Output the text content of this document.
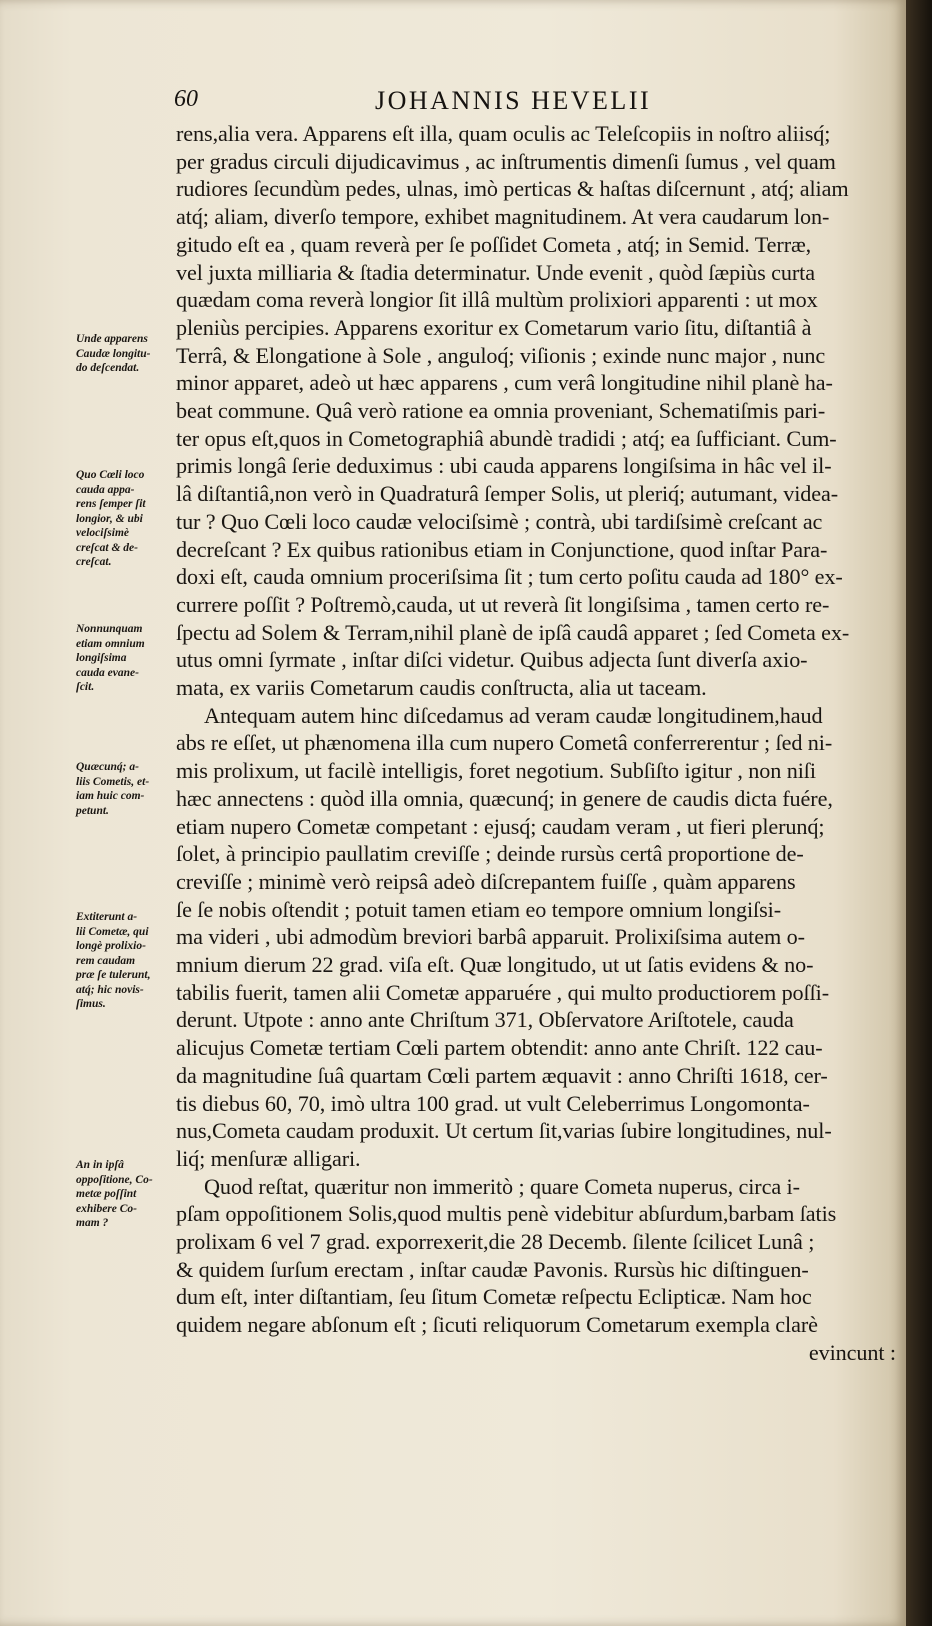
60	JOHANNIS HEVELII
rens,alia vera. Apparens eſt illa, quam oculis ac Teleſcopiis in noſtro aliisq́;
per gradus circuli dijudicavimus , ac inſtrumentis dimenſi ſumus , vel quam
rudiores ſecundùm pedes, ulnas, imò perticas & haſtas diſcernunt , atq́; aliam
atq́; aliam, diverſo tempore, exhibet magnitudinem. At vera caudarum lon-
gitudo eſt ea , quam reverà per ſe poſſidet Cometa , atq́; in Semid. Terræ,
vel juxta milliaria & ſtadia determinatur. Unde evenit , quòd ſæpiùs curta
quædam coma reverà longior ſit illâ multùm prolixiori apparenti : ut mox
pleniùs percipies. Apparens exoritur ex Cometarum vario ſitu, diſtantiâ à
Terrâ, & Elongatione à Sole , anguloq́; viſionis ; exinde nunc major , nunc
minor apparet, adeò ut hæc apparens , cum verâ longitudine nihil planè ha-
beat commune. Quâ verò ratione ea omnia proveniant, Schematiſmis pari-
ter opus eſt,quos in Cometographiâ abundè tradidi ; atq́; ea ſufficiant. Cum-
primis longâ ſerie deduximus : ubi cauda apparens longiſsima in hâc vel il-
lâ diſtantiâ,non verò in Quadraturâ ſemper Solis, ut pleriq́; autumant, videa-
tur ? Quo Cœli loco caudæ velociſsimè ; contrà, ubi tardiſsimè creſcant ac
decreſcant ? Ex quibus rationibus etiam in Conjunctione, quod inſtar Para-
doxi eſt, cauda omnium proceriſsima ſit ; tum certo poſitu cauda ad 180° ex-
currere poſſit ? Poſtremò,cauda, ut ut reverà ſit longiſsima , tamen certo re-
ſpectu ad Solem & Terram,nihil planè de ipſâ caudâ apparet ; ſed Cometa ex-
utus omni ſyrmate , inſtar diſci videtur. Quibus adjecta ſunt diverſa axio-
mata, ex variis Cometarum caudis conſtructa, alia ut taceam.
Antequam autem hinc diſcedamus ad veram caudæ longitudinem,haud
abs re eſſet, ut phænomena illa cum nupero Cometâ conferrerentur ; ſed ni-
mis prolixum, ut facilè intelligis, foret negotium. Subſiſto igitur , non niſi
hæc annectens : quòd illa omnia, quæcunq́; in genere de caudis dicta fuére,
etiam nupero Cometæ competant : ejusq́; caudam veram , ut fieri plerunq́;
ſolet, à principio paullatim creviſſe ; deinde rursùs certâ proportione de-
creviſſe ; minimè verò reipsâ adeò diſcrepantem fuiſſe , quàm apparens
ſe ſe nobis oſtendit ; potuit tamen etiam eo tempore omnium longiſsi-
ma videri , ubi admodùm breviori barbâ apparuit. Prolixiſsima autem o-
mnium dierum 22 grad. viſa eſt. Quæ longitudo, ut ut ſatis evidens & no-
tabilis fuerit, tamen alii Cometæ apparuére , qui multo productiorem poſſi-
derunt. Utpote : anno ante Chriſtum 371, Obſervatore Ariſtotele, cauda
alicujus Cometæ tertiam Cœli partem obtendit: anno ante Chriſt. 122 cau-
da magnitudine ſuâ quartam Cœli partem æquavit : anno Chriſti 1618, cer-
tis diebus 60, 70, imò ultra 100 grad. ut vult Celeberrimus Longomonta-
nus,Cometa caudam produxit. Ut certum ſit,varias ſubire longitudines, nul-
liq́; menſuræ alligari.
Quod reſtat, quæritur non immeritò ; quare Cometa nuperus, circa i-
pſam oppoſitionem Solis,quod multis penè videbitur abſurdum,barbam ſatis
prolixam 6 vel 7 grad. exporrexerit,die 28 Decemb. ſilente ſcilicet Lunâ ;
& quidem ſurſum erectam , inſtar caudæ Pavonis. Rursùs hic diſtinguen-
dum eſt, inter diſtantiam, ſeu ſitum Cometæ reſpectu Eclipticæ. Nam hoc
quidem negare abſonum eſt ; ſicuti reliquorum Cometarum exempla clarè
evincunt :
Unde apparens
Caudæ longitu-
do deſcendat.
Quo Cœli loco
cauda appa-
rens ſemper ſit
longior, & ubi
velociſsimè
creſcat & de-
creſcat.
Nonnunquam
etiam omnium
longiſsima
cauda evane-
ſcit.
Quæcunq́; a-
liis Cometis, et-
iam huic com-
petunt.
Extiterunt a-
lii Cometæ, qui
longè prolixio-
rem caudam
præ ſe tulerunt,
atq́; hic novis-
ſimus.
An in ipſâ
oppoſitione, Co-
metæ poſſint
exhibere Co-
mam ?
